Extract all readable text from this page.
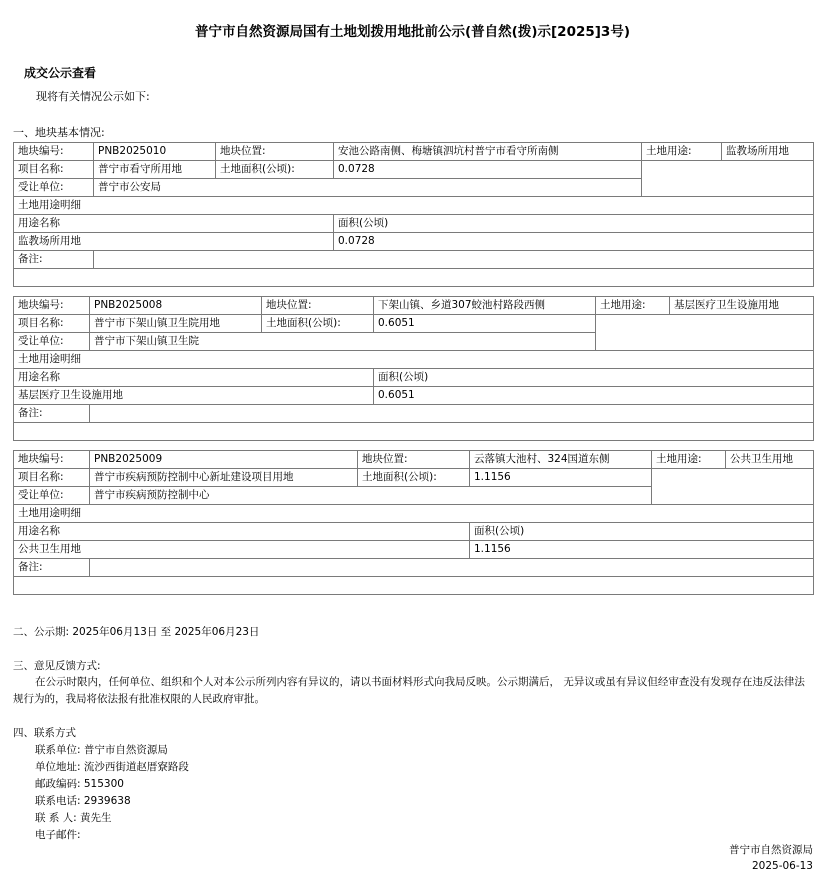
普宁市自然资源局国有土地划拨用地批前公示(普自然(拨)示[2025]3号)
成交公示查看
现将有关情况公示如下:
一、地块基本情况:
地块编号:	PNB2025010	地块位置:	安池公路南侧、梅塘镇泗坑村普宁市看守所南侧	土地用途:	监教场所用地
项目名称:	普宁市看守所用地	土地面积(公顷):	0.0728		
受让单位:	普宁市公安局				
土地用途明细					
用途名称			面积(公顷)		
监教场所用地			0.0728		
备注:					

地块编号:	PNB2025008	地块位置:	下架山镇、乡道307蛟池村路段西侧	土地用途:	基层医疗卫生设施用地
项目名称:	普宁市下架山镇卫生院用地	土地面积(公顷):	0.6051		
受让单位:	普宁市下架山镇卫生院				
土地用途明细					
用途名称			面积(公顷)		
基层医疗卫生设施用地			0.6051		
备注:					

地块编号:	PNB2025009	地块位置:	云落镇大池村、324国道东侧	土地用途:	公共卫生用地
项目名称:	普宁市疾病预防控制中心新址建设项目用地	土地面积(公顷):	1.1156		
受让单位:	普宁市疾病预防控制中心				
土地用途明细					
用途名称			面积(公顷)		
公共卫生用地			1.1156		
备注:					

二、公示期: 2025年06月13日 至 2025年06月23日
三、意见反馈方式:
在公示时限内，任何单位、组织和个人对本公示所列内容有异议的，请以书面材料形式向我局反映。公示期满后， 无异议或虽有异议但经审查没有发现存在违反法律法规行为的，我局将依法报有批准权限的人民政府审批。
四、联系方式
联系单位: 普宁市自然资源局
单位地址: 流沙西街道赵厝寮路段
邮政编码: 515300
联系电话: 2939638
联 系 人: 黄先生
电子邮件:
普宁市自然资源局
2025-06-13
